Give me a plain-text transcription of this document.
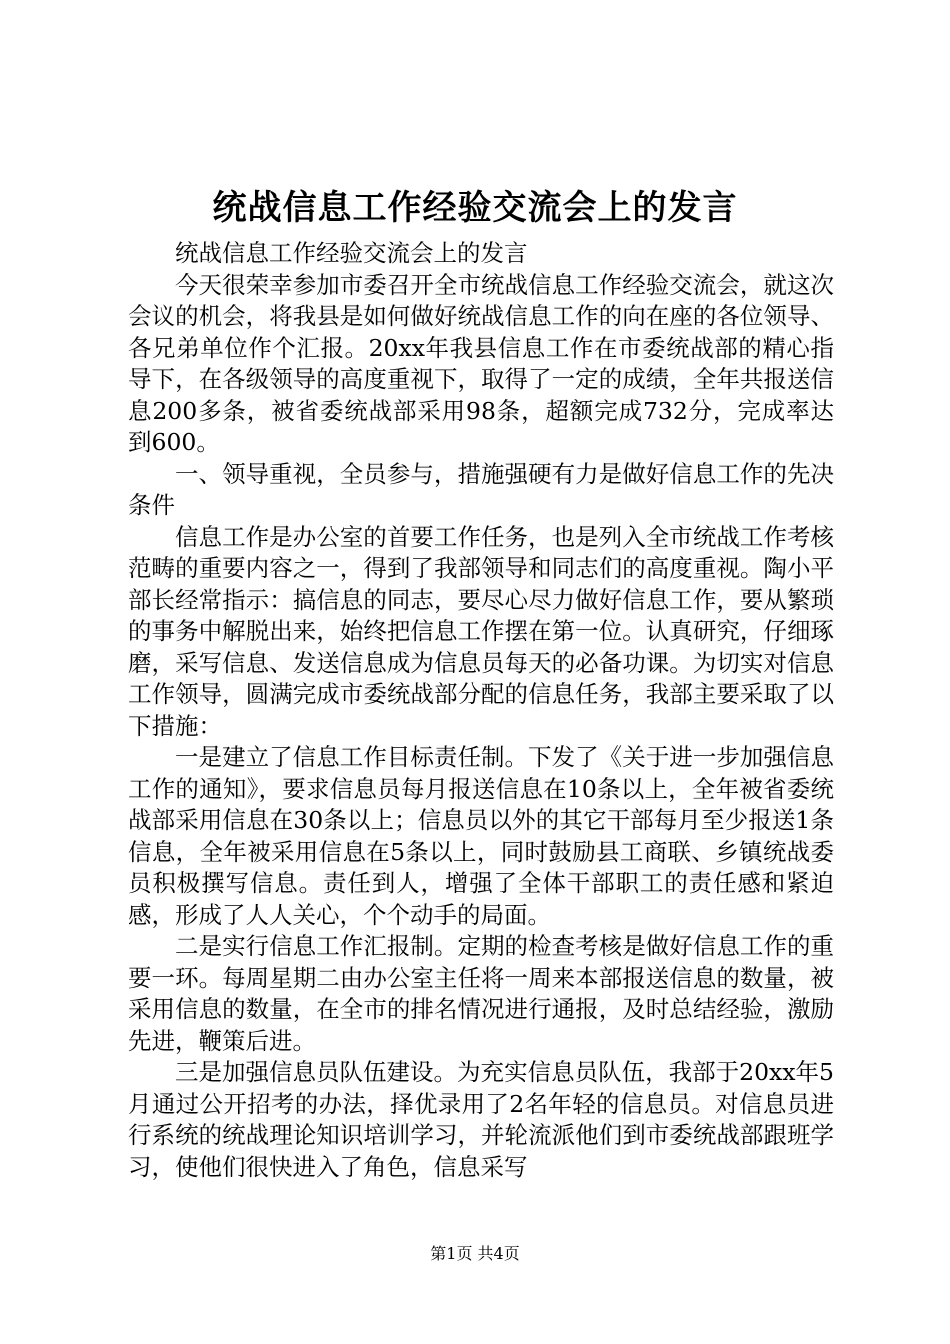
统战信息工作经验交流会上的发言

统战信息工作经验交流会上的发言

今天很荣幸参加市委召开全市统战信息工作经验交流会，就这次会议的机会，将我县是如何做好统战信息工作的向在座的各位领导、各兄弟单位作个汇报。20xx年我县信息工作在市委统战部的精心指导下，在各级领导的高度重视下，取得了一定的成绩，全年共报送信息200多条，被省委统战部采用98条，超额完成732分，完成率达到600。

一、领导重视，全员参与，措施强硬有力是做好信息工作的先决条件

信息工作是办公室的首要工作任务，也是列入全市统战工作考核范畴的重要内容之一，得到了我部领导和同志们的高度重视。陶小平部长经常指示：搞信息的同志，要尽心尽力做好信息工作，要从繁琐的事务中解脱出来，始终把信息工作摆在第一位。认真研究，仔细琢磨，采写信息、发送信息成为信息员每天的必备功课。为切实对信息工作领导，圆满完成市委统战部分配的信息任务，我部主要采取了以下措施：

一是建立了信息工作目标责任制。下发了《关于进一步加强信息工作的通知》，要求信息员每月报送信息在10条以上，全年被省委统战部采用信息在30条以上；信息员以外的其它干部每月至少报送1条信息，全年被采用信息在5条以上，同时鼓励县工商联、乡镇统战委员积极撰写信息。责任到人，增强了全体干部职工的责任感和紧迫感，形成了人人关心，个个动手的局面。

二是实行信息工作汇报制。定期的检查考核是做好信息工作的重要一环。每周星期二由办公室主任将一周来本部报送信息的数量，被采用信息的数量，在全市的排名情况进行通报，及时总结经验，激励先进，鞭策后进。

三是加强信息员队伍建设。为充实信息员队伍，我部于20xx年5月通过公开招考的办法，择优录用了2名年轻的信息员。对信息员进行系统的统战理论知识培训学习，并轮流派他们到市委统战部跟班学习，使他们很快进入了角色，信息采写

第1页 共4页
